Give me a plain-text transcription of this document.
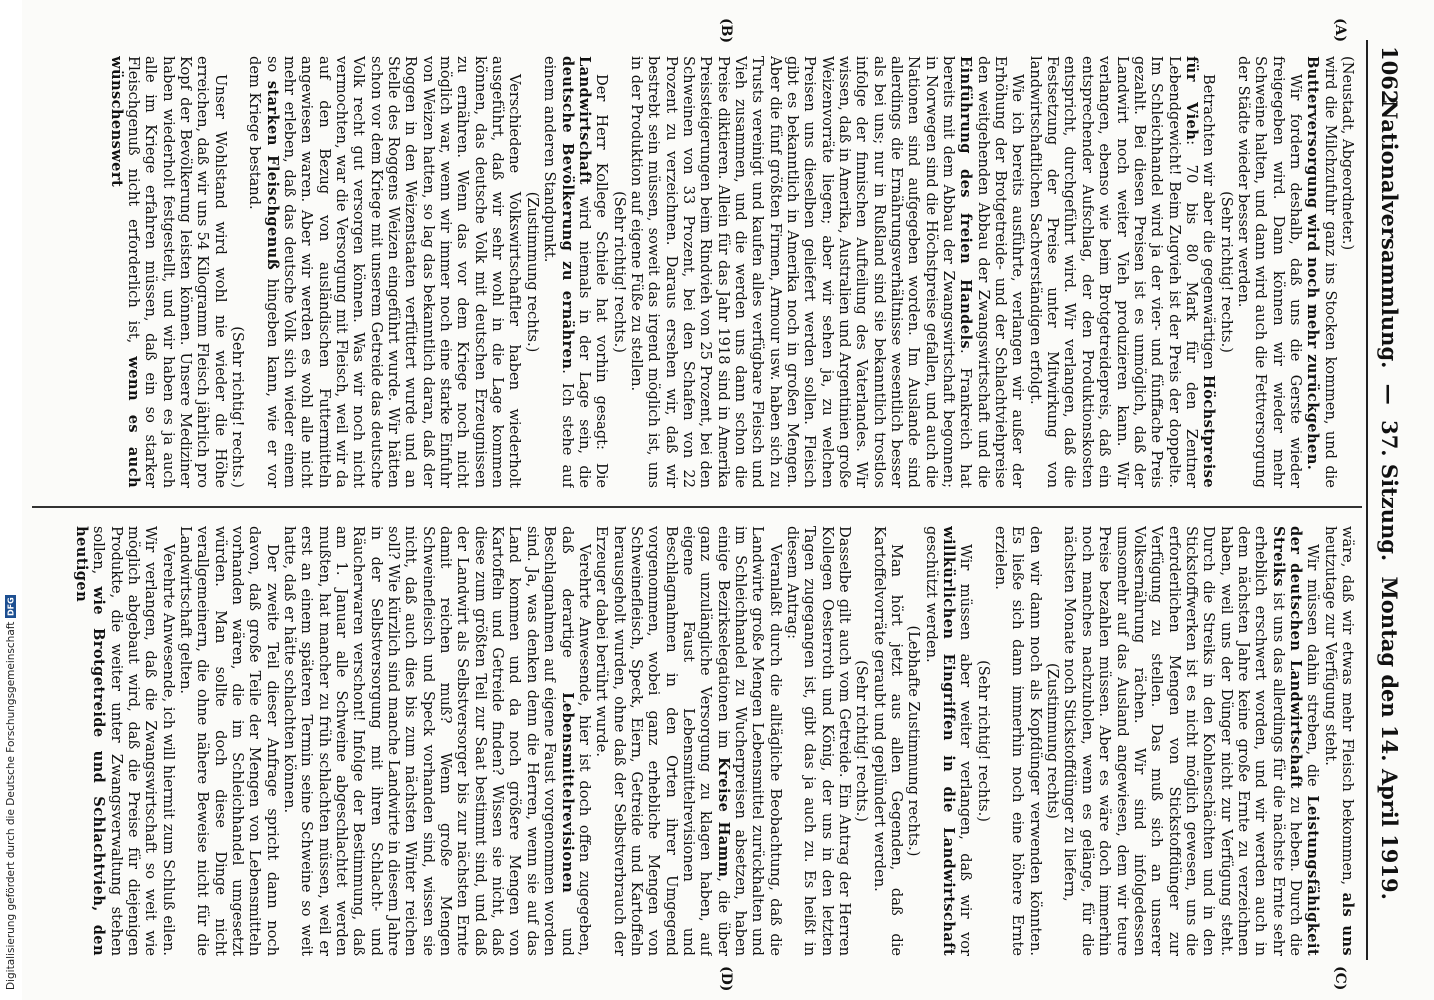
1062
Nationalversammlung. — 37. Sitzung. Montag den 14. April 1919.
(A)
(B)
(C)
(D)

(Neustadt, Abgeordneter.)

wird die Milchzufuhr ganz ins Stocken kommen, und die Butterversorgung wird noch mehr zurückgehen.

Wir fordern deshalb, daß uns die Gerste wieder freigegeben wird. Dann können wir wieder mehr Schweine halten, und dann wird auch die Fettversorgung der Städte wieder besser werden.

(Sehr richtig! rechts.)

Betrachten wir aber die gegenwärtigen Höchstpreise für Vieh: 70 bis 80 Mark für den Zentner Lebendgewicht! Beim Zugvieh ist der Preis der doppelte. Im Schleichhandel wird ja der vier- und fünffache Preis gezahlt. Bei diesen Preisen ist es unmöglich, daß der Landwirt noch weiter Vieh produzieren kann. Wir verlangen, ebenso wie beim Brotgetreidepreis, daß ein entsprechender Aufschlag, der den Produktionskosten entspricht, durchgeführt wird. Wir verlangen, daß die Festsetzung der Preise unter Mitwirkung von landwirtschaftlichen Sachverständigen erfolgt.

Wie ich bereits ausführte, verlangen wir außer der Erhöhung der Brotgetreide- und der Schlachtviehpreise den weitgehenden Abbau der Zwangswirtschaft und die Einführung des freien Handels. Frankreich hat bereits mit dem Abbau der Zwangswirtschaft begonnen; in Norwegen sind die Höchstpreise gefallen, und auch die Nationen sind aufgegeben worden. Im Auslande sind allerdings die Ernährungsverhältnisse wesentlich besser als bei uns; nur in Rußland sind sie bekanntlich trostlos infolge der finnischen Aufteilung des Vaterlandes. Wir wissen, daß in Amerika, Australien und Argentinien große Weizenvorräte liegen; aber wir sehen ja, zu welchen Preisen uns dieselben geliefert werden sollen. Fleisch gibt es bekanntlich in Amerika noch in großen Mengen. Aber die fünf größten Firmen, Armour usw. haben sich zu Trusts vereinigt und kaufen alles verfügbare Fleisch und Vieh zusammen, und die werden uns dann schon die Preise diktieren. Allein für das Jahr 1918 sind in Amerika Preissteigerungen beim Rindvieh von 25 Prozent, bei den Schweinen von 33 Prozent, bei den Schafen von 22 Prozent zu verzeichnen. Daraus ersehen wir, daß wir bestrebt sein müssen, soweit das irgend möglich ist, uns in der Produktion auf eigene Füße zu stellen.

(Sehr richtig! rechts.)

Der Herr Kollege Schiele hat vorhin gesagt: Die Landwirtschaft wird niemals in der Lage sein, die deutsche Bevölkerung zu ernähren. Ich stehe auf einem anderen Standpunkt.

(Zustimmung rechts.)

Verschiedene Volkswirtschaftler haben wiederholt ausgeführt, daß wir sehr wohl in die Lage kommen können, das deutsche Volk mit deutschen Erzeugnissen zu ernähren. Wenn das vor dem Kriege noch nicht möglich war, wenn wir immer noch eine starke Einfuhr von Weizen hatten, so lag das bekanntlich daran, daß der Roggen in den Weizenstaaten verfüttert wurde und an Stelle des Roggens Weizen eingeführt wurde. Wir hätten schon vor dem Kriege mit unserem Getreide das deutsche Volk recht gut versorgen können. Was wir noch nicht vermochten, war die Versorgung mit Fleisch, weil wir da auf den Bezug von ausländischen Futtermitteln angewiesen waren. Aber wir werden es wohl alle nicht mehr erleben, daß das deutsche Volk sich wieder einem so starken Fleischgenuß hingeben kann, wie er vor dem Kriege bestand.

(Sehr richtig! rechts.)

Unser Wohlstand wird wohl nie wieder die Höhe erreichen, daß wir uns 54 Kilogramm Fleisch jährlich pro Kopf der Bevölkerung leisten können. Unsere Mediziner haben wiederholt festgestellt, und wir haben es ja auch alle im Kriege erfahren müssen, daß ein so starker Fleischgenuß nicht erforderlich ist, wenn es auch wünschenswert

wäre, daß wir etwas mehr Fleisch bekommen, als uns heutzutage zur Verfügung steht.

Wir müssen dahin streben, die Leistungsfähigkeit der deutschen Landwirtschaft zu heben. Durch die Streiks ist uns das allerdings für die nächste Ernte sehr erheblich erschwert worden, und wir werden auch in dem nächsten Jahre keine große Ernte zu verzeichnen haben, weil uns der Dünger nicht zur Verfügung steht. Durch die Streiks in den Kohlenschächten und in den Stickstoffwerken ist es nicht möglich gewesen, uns die erforderlichen Mengen von Stickstoffdünger zur Verfügung zu stellen. Das muß sich an unserer Volksernährung rächen. Wir sind infolgedessen umsomehr auf das Ausland angewiesen, dem wir teure Preise bezahlen müssen. Aber es wäre doch immerhin noch manches nachzuholen, wenn es gelänge, für die nächsten Monate noch Stickstoffdünger zu liefern,

(Zustimmung rechts)

den wir dann noch als Kopfdünger verwenden könnten. Es ließe sich dann immerhin noch eine höhere Ernte erzielen.

(Sehr richtig! rechts.)

Wir müssen aber weiter verlangen, daß wir vor willkürlichen Eingriffen in die Landwirtschaft geschützt werden.

(Lebhafte Zustimmung rechts.)

Man hört jetzt aus allen Gegenden, daß die Kartoffelvorräte geraubt und geplündert werden.

(Sehr richtig! rechts.)

Dasselbe gilt auch vom Getreide. Ein Antrag der Herren Kollegen Oesterroth und König, der uns in den letzten Tagen zugegangen ist, gibt das ja auch zu. Es heißt in diesem Antrag:

Veranlaßt durch die alltägliche Beobachtung, daß die Landwirte große Mengen Lebensmittel zurückhalten und im Schleichhandel zu Wucherpreisen absetzen, haben einige Bezirkselegationen im Kreise Hamm, die über ganz unzulängliche Versorgung zu klagen haben, auf eigene Faust Lebensmittelrevisionen und Beschlagnahmen in den Orten ihrer Umgegend vorgenommen, wobei ganz erhebliche Mengen von Schweinefleisch, Speck, Eiern, Getreide und Kartoffeln herausgeholt wurden, ohne daß der Selbstverbrauch der Erzeuger dabei berührt wurde.

Verehrte Anwesende, hier ist doch offen zugegeben, daß derartige Lebensmittelrevisionen und Beschlagnahmen auf eigene Faust vorgenommen worden sind. Ja, was denken denn die Herren, wenn sie auf das Land kommen und da noch größere Mengen von Kartoffeln und Getreide finden? Wissen sie nicht, daß diese zum größten Teil zur Saat bestimmt sind, und daß der Landwirt als Selbstversorger bis zur nächsten Ernte damit reichen muß? Wenn große Mengen Schweinefleisch und Speck vorhanden sind, wissen sie nicht, daß auch dies bis zum nächsten Winter reichen soll? Wie kürzlich sind manche Landwirte in diesem Jahre in der Selbstversorgung mit ihren Schlacht- und Räucherwaren verschont! Infolge der Bestimmung, daß am 1. Januar alle Schweine abgeschlachtet werden mußten, hat mancher zu früh schlachten müssen, weil er erst an einem späteren Termin seine Schweine so weit hatte, daß er hätte schlachten können.

Der zweite Teil dieser Anfrage spricht dann noch davon, daß große Teile der Mengen von Lebensmitteln vorhanden wären, die im Schleichhandel umgesetzt würden. Man sollte doch diese Dinge nicht verallgemeinern, die ohne nähere Beweise nicht für die Landwirtschaft gelten.

Verehrte Anwesende, ich will hiermit zum Schluß eilen. Wir verlangen, daß die Zwangswirtschaft so weit wie möglich abgebaut wird, daß die Preise für diejenigen Produkte, die weiter unter Zwangsverwaltung stehen sollen, wie Brotgetreide und Schlachtvieh, den heutigen

Digitalisierung gefördert durch die Deutsche Forschungsgemeinschaft
DFG
